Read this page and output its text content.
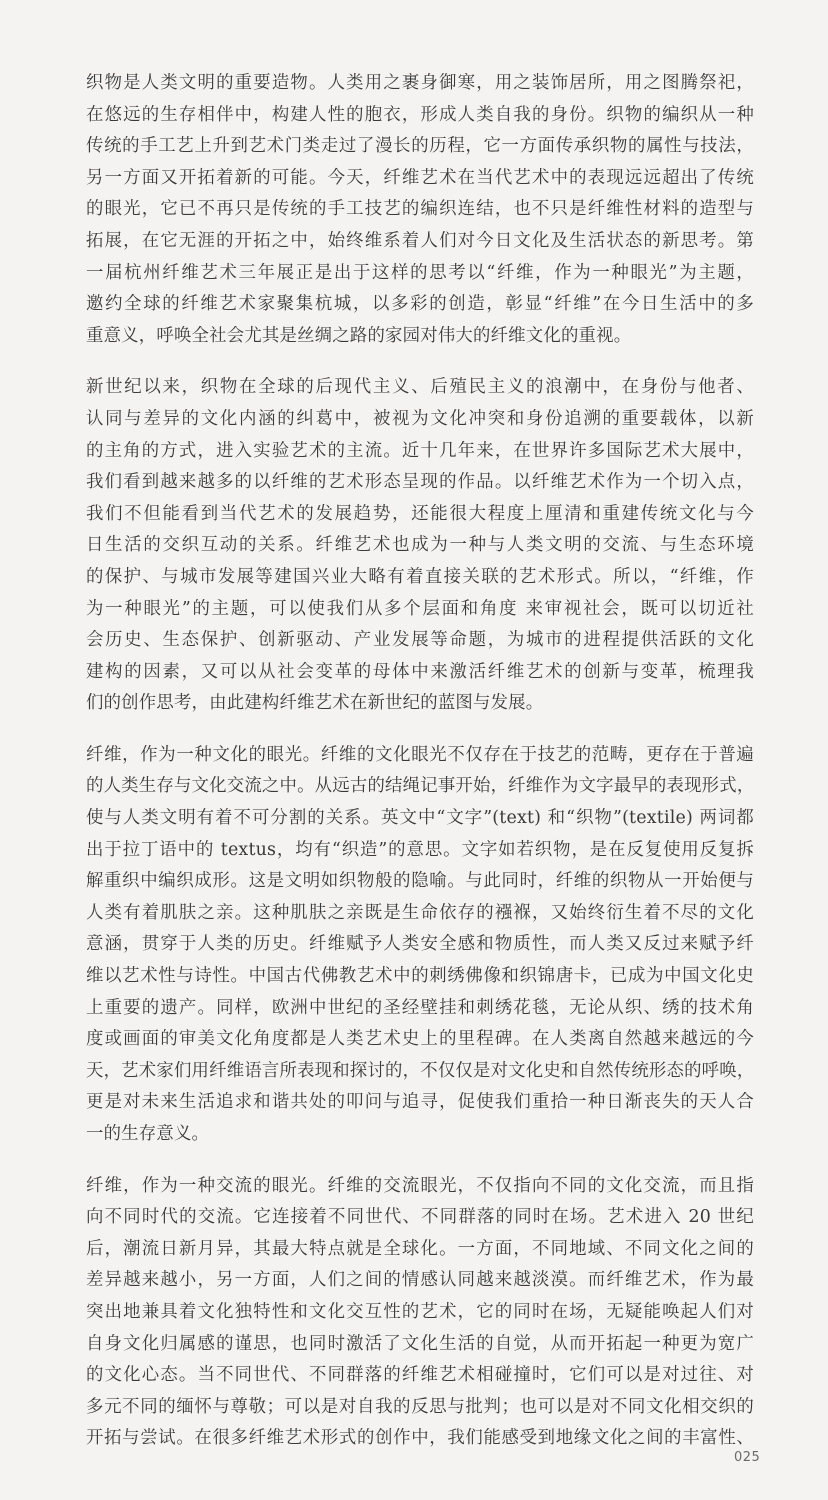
织物是人类文明的重要造物。人类用之裹身御寒，用之装饰居所，用之图腾祭祀，
在悠远的生存相伴中，构建人性的胞衣，形成人类自我的身份。织物的编织从一种
传统的手工艺上升到艺术门类走过了漫长的历程，它一方面传承织物的属性与技法，
另一方面又开拓着新的可能。今天，纤维艺术在当代艺术中的表现远远超出了传统
的眼光，它已不再只是传统的手工技艺的编织连结，也不只是纤维性材料的造型与
拓展，在它无涯的开拓之中，始终维系着人们对今日文化及生活状态的新思考。第
一届杭州纤维艺术三年展正是出于这样的思考以“纤维，作为一种眼光”为主题，
邀约全球的纤维艺术家聚集杭城，以多彩的创造，彰显“纤维”在今日生活中的多
重意义，呼唤全社会尤其是丝绸之路的家园对伟大的纤维文化的重视。
新世纪以来，织物在全球的后现代主义、后殖民主义的浪潮中，在身份与他者、
认同与差异的文化内涵的纠葛中，被视为文化冲突和身份追溯的重要载体，以新
的主角的方式，进入实验艺术的主流。近十几年来，在世界许多国际艺术大展中，
我们看到越来越多的以纤维的艺术形态呈现的作品。以纤维艺术作为一个切入点，
我们不但能看到当代艺术的发展趋势，还能很大程度上厘清和重建传统文化与今
日生活的交织互动的关系。纤维艺术也成为一种与人类文明的交流、与生态环境
的保护、与城市发展等建国兴业大略有着直接关联的艺术形式。所以，“纤维，作
为一种眼光”的主题，可以使我们从多个层面和角度 来审视社会，既可以切近社
会历史、生态保护、创新驱动、产业发展等命题，为城市的进程提供活跃的文化
建构的因素，又可以从社会变革的母体中来激活纤维艺术的创新与变革，梳理我
们的创作思考，由此建构纤维艺术在新世纪的蓝图与发展。
纤维，作为一种文化的眼光。纤维的文化眼光不仅存在于技艺的范畴，更存在于普遍
的人类生存与文化交流之中。从远古的结绳记事开始，纤维作为文字最早的表现形式，
使与人类文明有着不可分割的关系。英文中“文字”(text) 和“织物”(textile) 两词都
出于拉丁语中的 textus，均有“织造”的意思。文字如若织物，是在反复使用反复拆
解重织中编织成形。这是文明如织物般的隐喻。与此同时，纤维的织物从一开始便与
人类有着肌肤之亲。这种肌肤之亲既是生命依存的襁褓，又始终衍生着不尽的文化
意涵，贯穿于人类的历史。纤维赋予人类安全感和物质性，而人类又反过来赋予纤
维以艺术性与诗性。中国古代佛教艺术中的刺绣佛像和织锦唐卡，已成为中国文化史
上重要的遗产。同样，欧洲中世纪的圣经壁挂和刺绣花毯，无论从织、绣的技术角
度或画面的审美文化角度都是人类艺术史上的里程碑。在人类离自然越来越远的今
天，艺术家们用纤维语言所表现和探讨的，不仅仅是对文化史和自然传统形态的呼唤，
更是对未来生活追求和谐共处的叩问与追寻，促使我们重拾一种日渐丧失的天人合
一的生存意义。
纤维，作为一种交流的眼光。纤维的交流眼光，不仅指向不同的文化交流，而且指
向不同时代的交流。它连接着不同世代、不同群落的同时在场。艺术进入 20 世纪
后，潮流日新月异，其最大特点就是全球化。一方面，不同地域、不同文化之间的
差异越来越小，另一方面，人们之间的情感认同越来越淡漠。而纤维艺术，作为最
突出地兼具着文化独特性和文化交互性的艺术，它的同时在场，无疑能唤起人们对
自身文化归属感的谨思，也同时激活了文化生活的自觉，从而开拓起一种更为宽广
的文化心态。当不同世代、不同群落的纤维艺术相碰撞时，它们可以是对过往、对
多元不同的缅怀与尊敬；可以是对自我的反思与批判；也可以是对不同文化相交织的
开拓与尝试。在很多纤维艺术形式的创作中，我们能感受到地缘文化之间的丰富性、
025
